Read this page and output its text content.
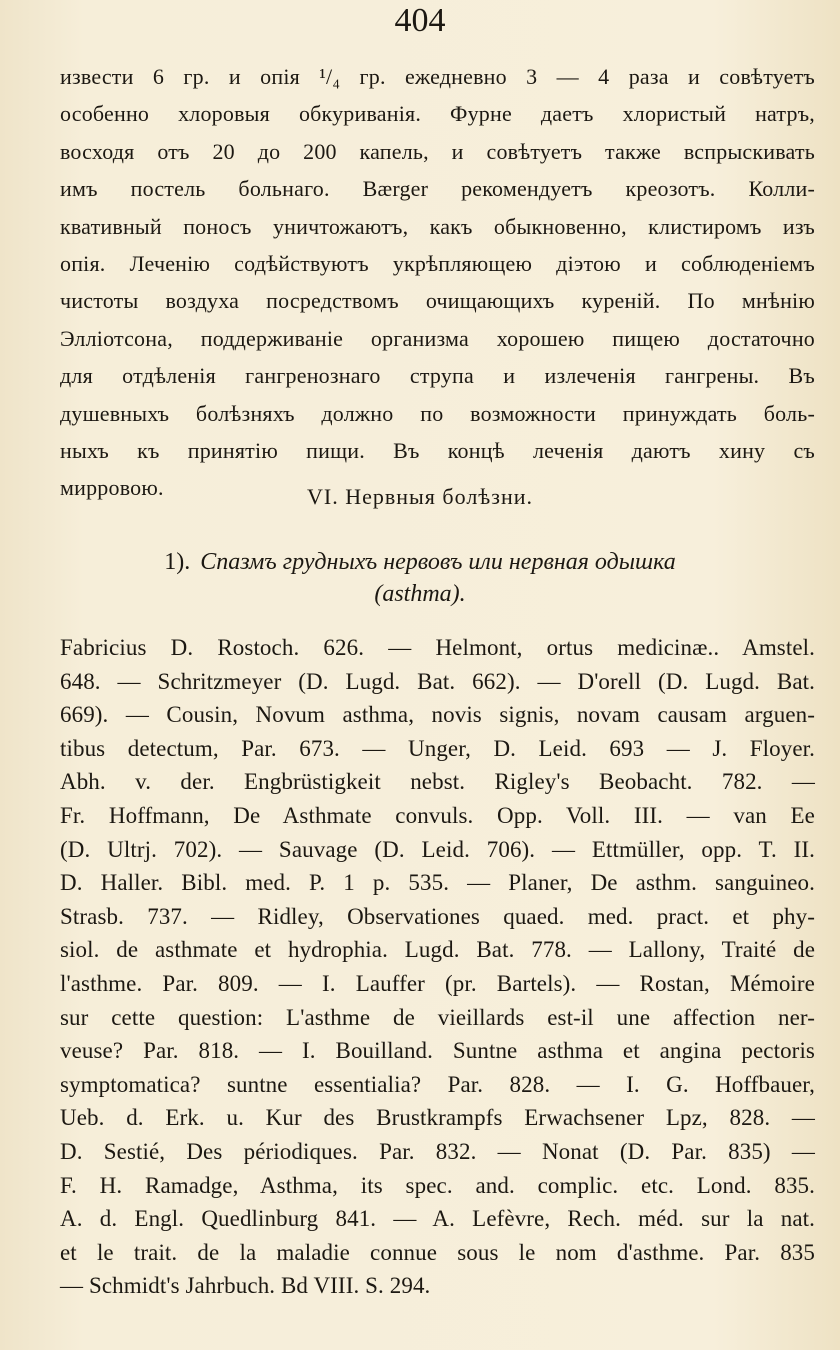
404
извести 6 гр. и опія ¹/₄ гр. ежедневно 3 — 4 раза и совѣтуетъ
особенно хлоровыя обкуриванія. Фурне даетъ хлористый натръ,
восходя отъ 20 до 200 капель, и совѣтуетъ также вспрыскивать
имъ постель больнаго. Bærger рекомендуетъ креозотъ. Колли-
квативный поносъ уничтожаютъ, какъ обыкновенно, клистиромъ изъ
опія. Леченію содѣйствуютъ укрѣпляющею діэтою и соблюденіемъ
чистоты воздуха посредствомъ очищающихъ куреній. По мнѣнію
Эллiотсона, поддерживаніе организма хорошею пищею достаточно
для отдѣленія гангренознаго струпа и излеченія гангрены. Въ
душевныхъ болѣзняхъ должно по возможности принуждать боль-
ныхъ къ принятію пищи. Въ концѣ леченія даютъ хину съ
мирровою.	VI. Нервныя болѣзни.
1). Спазмъ грудныхъ нервовъ или нервная одышка
(asthma).
Fabricius D. Rostoch. 626. — Helmont, ortus medicinæ.. Amstel.
648. — Schritzmeyer (D. Lugd. Bat. 662). — D'orell (D. Lugd. Bat.
669). — Cousin, Novum asthma, novis signis, novam causam arguen-
tibus detectum, Par. 673. — Unger, D. Leid. 693 — J. Floyer.
Abh. v. der. Engbrüstigkeit nebst. Rigley's Beobacht. 782. —
Fr. Hoffmann, De Asthmate convuls. Opp. Voll. III. — van Ee
(D. Ultrj. 702). — Sauvage (D. Leid. 706). — Ettmüller, opp. T. II.
D. Haller. Bibl. med. P. 1 p. 535. — Planer, De asthm. sanguineo.
Strasb. 737. — Ridley, Observationes quaed. med. pract. et phy-
siol. de asthmate et hydrophia. Lugd. Bat. 778. — Lallony, Traité de
l'asthme. Par. 809. — I. Lauffer (pr. Bartels). — Rostan, Mémoire
sur cette question: L'asthme de vieillards est-il une affection ner-
veuse? Par. 818. — I. Bouilland. Suntne asthma et angina pectoris
symptomatica? suntne essentialia? Par. 828. — I. G. Hoffbauer,
Ueb. d. Erk. u. Kur des Brustkrampfs Erwachsener Lpz, 828. —
D. Sestié, Des périodiques. Par. 832. — Nonat (D. Par. 835) —
F. H. Ramadge, Asthma, its spec. and. complic. etc. Lond. 835.
A. d. Engl. Quedlinburg 841. — A. Lefèvre, Rech. méd. sur la nat.
et le trait. de la maladie connue sous le nom d'asthme. Par. 835
— Schmidt's Jahrbuch. Bd VIII. S. 294.
